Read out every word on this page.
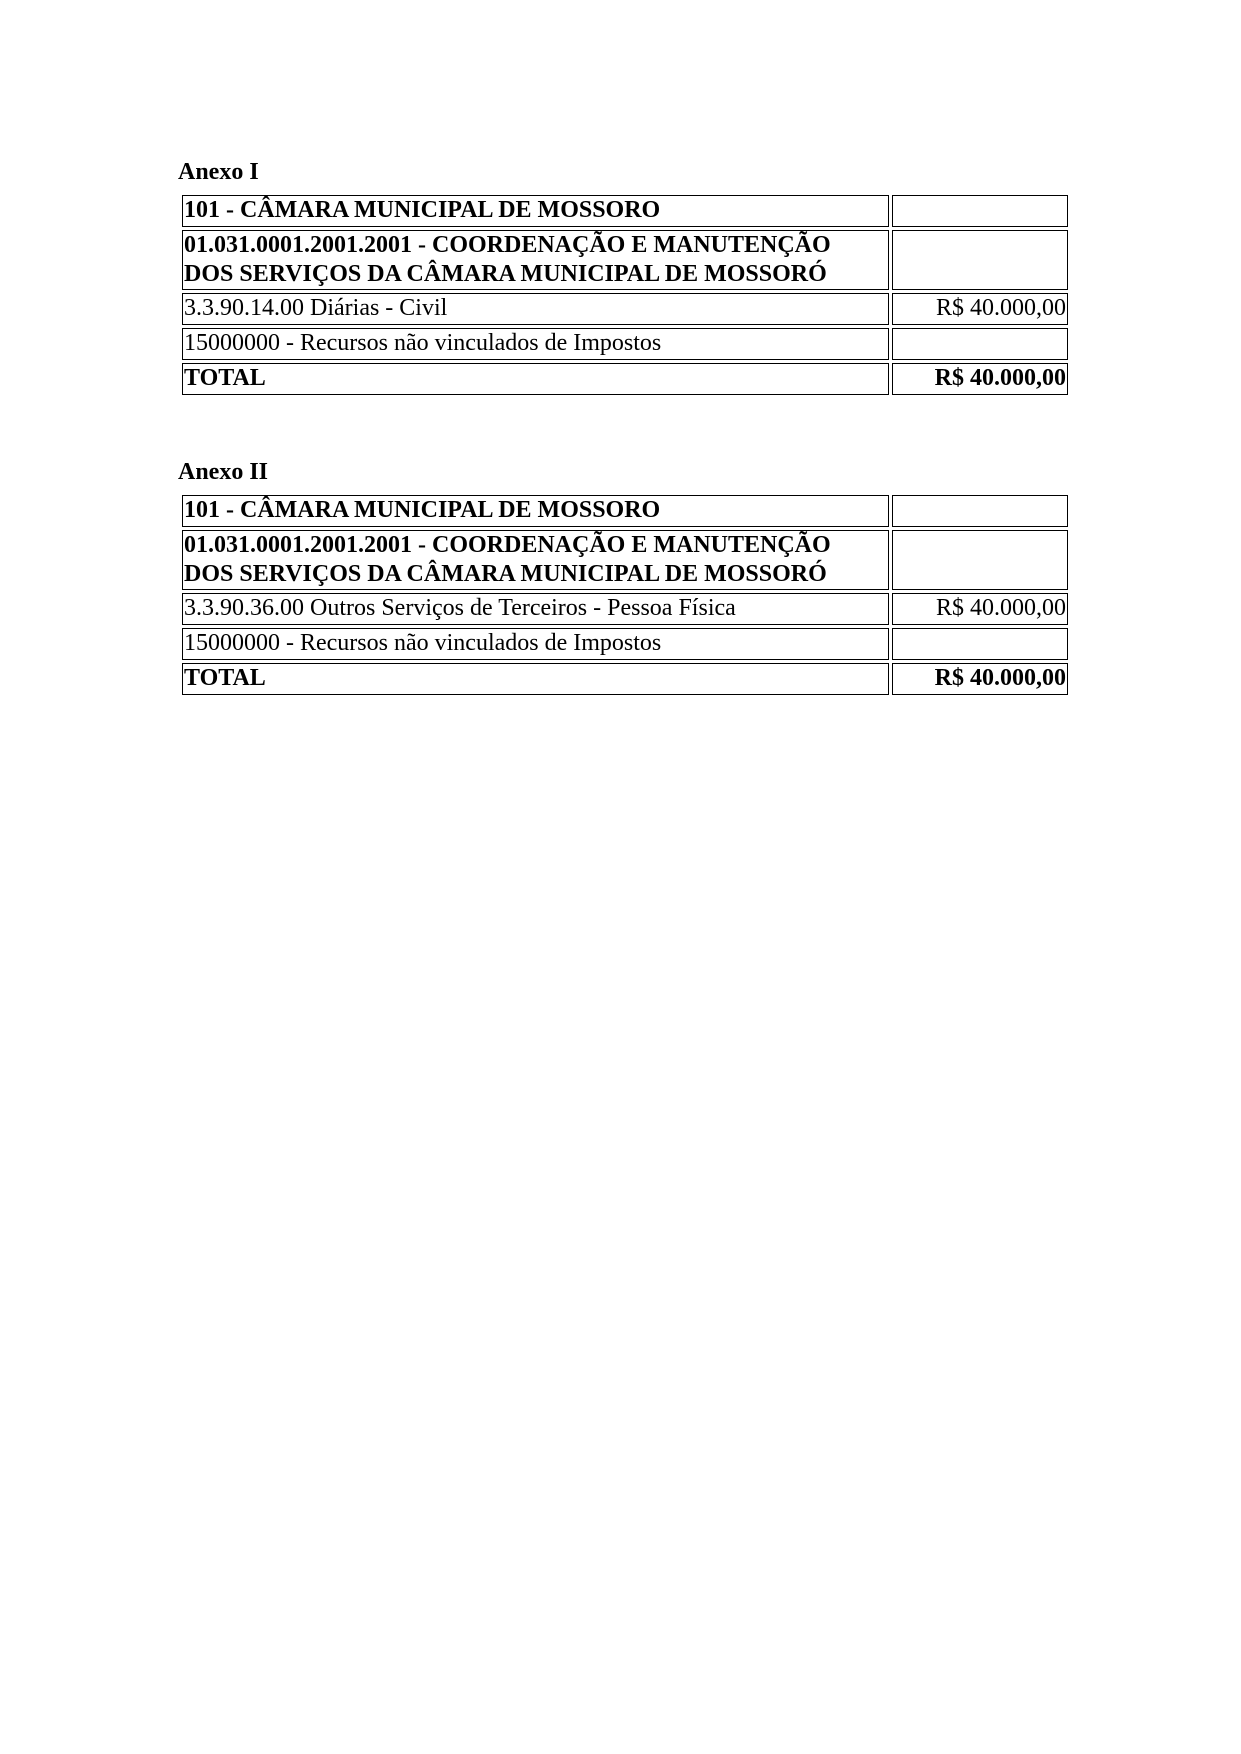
Anexo I
101 - CÂMARA MUNICIPAL DE MOSSORO	

01.031.0001.2001.2001 - COORDENAÇÃO E MANUTENÇÃO
DOS SERVIÇOS DA CÂMARA MUNICIPAL DE MOSSORÓ	

3.3.90.14.00 Diárias - Civil	R$ 40.000,00
15000000 - Recursos não vinculados de Impostos	
TOTAL	R$ 40.000,00
Anexo II
101 - CÂMARA MUNICIPAL DE MOSSORO	

01.031.0001.2001.2001 - COORDENAÇÃO E MANUTENÇÃO
DOS SERVIÇOS DA CÂMARA MUNICIPAL DE MOSSORÓ	

3.3.90.36.00 Outros Serviços de Terceiros - Pessoa Física	R$ 40.000,00
15000000 - Recursos não vinculados de Impostos	
TOTAL	R$ 40.000,00
